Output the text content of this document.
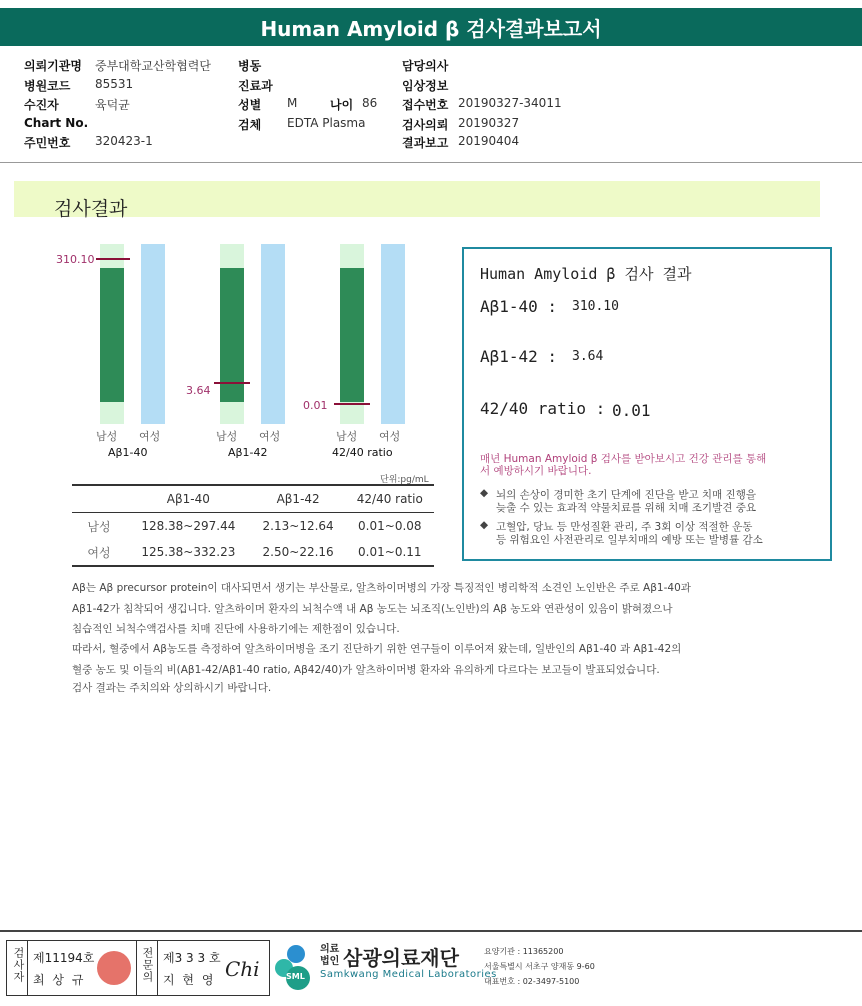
Human Amyloid β 검사결과보고서
의뢰기관명 중부대학교산학협력단
병원코드 85531
수진자	육덕균
Chart No.
주민번호 320423-1
병동
진료과
성별 M	나이 86
검체 EDTA Plasma
담당의사
임상정보
접수번호 20190327-34011
검사의뢰 20190327
결과보고 20190404
검사결과
310.10
남성 여성
Aβ1-40
3.64
남성 여성
Aβ1-42
0.01
남성 여성
42/40 ratio
단위:pg/mL
	Aβ1-40	Aβ1-42	42/40 ratio
남성	128.38~297.44	2.13~12.64	0.01~0.08
여성	125.38~332.23	2.50~22.16	0.01~0.11
Human Amyloid β 검사 결과
Aβ1-40 : 310.10
Aβ1-42 : 3.64
42/40 ratio : 0.01
매년 Human Amyloid β 검사를 받아보시고 건강 관리를 통해
서 예방하시기 바랍니다.
◆ 뇌의 손상이 경미한 초기 단계에 진단을 받고 치매 진행을
늦출 수 있는 효과적 약물치료를 위해 치매 조기발견 중요
◆ 고혈압, 당뇨 등 만성질환 관리, 주 3회 이상 적절한 운동
등 위험요인 사전관리로 일부치매의 예방 또는 발병률 감소
Aβ는 Aβ precursor protein이 대사되면서 생기는 부산물로, 알츠하이머병의 가장 특징적인 병리학적 소견인 노인반은 주로 Aβ1-40과
Aβ1-42가 침착되어 생깁니다. 알츠하이머 환자의 뇌척수액 내 Aβ 농도는 뇌조직(노인반)의 Aβ 농도와 연관성이 있음이 밝혀졌으나
침습적인 뇌척수액검사를 치매 진단에 사용하기에는 제한점이 있습니다.
따라서, 혈중에서 Aβ농도를 측정하여 알츠하이머병을 조기 진단하기 위한 연구들이 이루어져 왔는데, 일반인의 Aβ1-40 과 Aβ1-42의
혈중 농도 및 이들의 비(Aβ1-42/Aβ1-40 ratio, Aβ42/40)가 알츠하이머병 환자와 유의하게 다르다는 보고들이 발표되었습니다.
검사 결과는 주치의와 상의하시기 바랍니다.
검사자 제11194호
최 상 규	전문의 제3 3 3 호
지 현 영 Chi	SML
의료법인 삼광의료재단
Samkwang Medical Laboratories
요양기관 : 11365200
서울특별시 서초구 양재동 9-60
대표번호 : 02-3497-5100
